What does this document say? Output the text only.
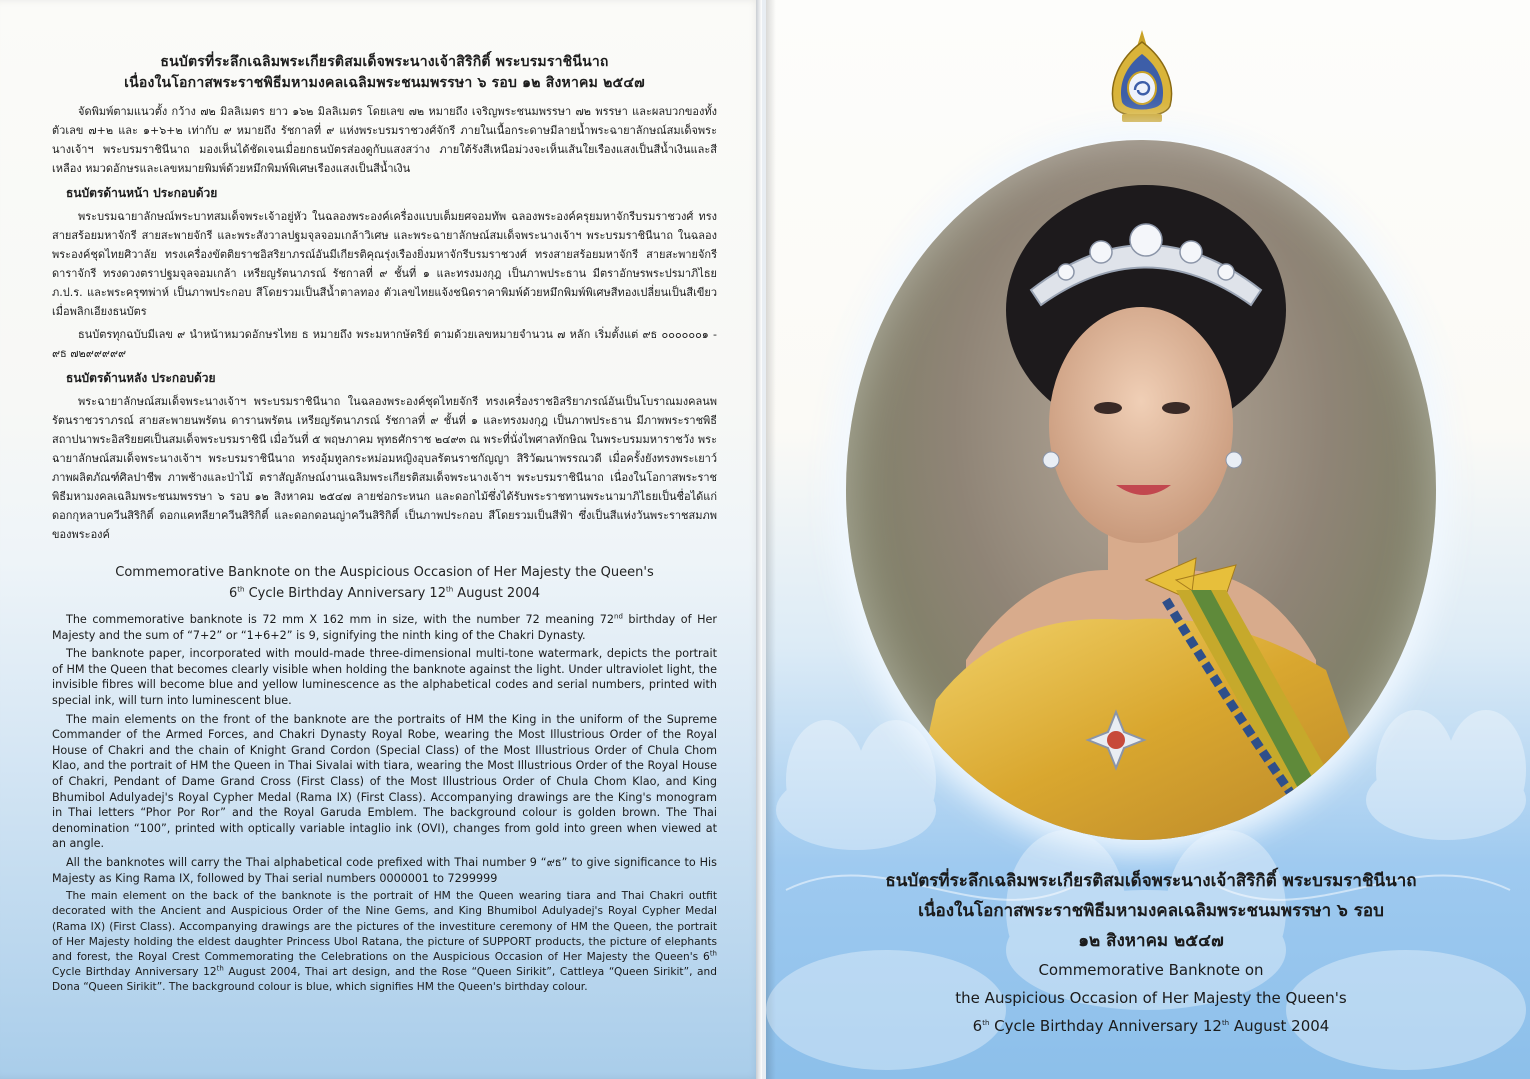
ธนบัตรที่ระลึกเฉลิมพระเกียรติสมเด็จพระนางเจ้าสิริกิติ์ พระบรมราชินีนาถ

เนื่องในโอกาสพระราชพิธีมหามงคลเฉลิมพระชนมพรรษา ๖ รอบ ๑๒ สิงหาคม ๒๕๔๗

จัดพิมพ์ตามแนวตั้ง กว้าง ๗๒ มิลลิเมตร ยาว ๑๖๒ มิลลิเมตร โดยเลข ๗๒ หมายถึง เจริญพระชนมพรรษา ๗๒ พรรษา และผลบวกของทั้งตัวเลข ๗+๒ และ ๑+๖+๒ เท่ากับ ๙ หมายถึง รัชกาลที่ ๙ แห่งพระบรมราชวงศ์จักรี ภายในเนื้อกระดาษมีลายน้ำพระฉายาลักษณ์สมเด็จพระนางเจ้าฯ พระบรมราชินีนาถ มองเห็นได้ชัดเจนเมื่อยกธนบัตรส่องดูกับแสงสว่าง ภายใต้รังสีเหนือม่วงจะเห็นเส้นใยเรืองแสงเป็นสีน้ำเงินและสีเหลือง หมวดอักษรและเลขหมายพิมพ์ด้วยหมึกพิมพ์พิเศษเรืองแสงเป็นสีน้ำเงิน

ธนบัตรด้านหน้า ประกอบด้วย

พระบรมฉายาลักษณ์พระบาทสมเด็จพระเจ้าอยู่หัว ในฉลองพระองค์เครื่องแบบเต็มยศจอมทัพ ฉลองพระองค์ครุยมหาจักรีบรมราชวงศ์ ทรงสายสร้อยมหาจักรี สายสะพายจักรี และพระสังวาลปฐมจุลจอมเกล้าวิเศษ และพระฉายาลักษณ์สมเด็จพระนางเจ้าฯ พระบรมราชินีนาถ ในฉลองพระองค์ชุดไทยศิวาลัย ทรงเครื่องขัตติยราชอิสริยาภรณ์อันมีเกียรติคุณรุ่งเรืองยิ่งมหาจักรีบรมราชวงศ์ ทรงสายสร้อยมหาจักรี สายสะพายจักรี ดาราจักรี ทรงดวงตราปฐมจุลจอมเกล้า เหรียญรัตนาภรณ์ รัชกาลที่ ๙ ชั้นที่ ๑ และทรงมงกุฎ เป็นภาพประธาน มีตราอักษรพระปรมาภิไธย ภ.ป.ร. และพระครุฑพ่าห์ เป็นภาพประกอบ สีโดยรวมเป็นสีน้ำตาลทอง ตัวเลขไทยแจ้งชนิดราคาพิมพ์ด้วยหมึกพิมพ์พิเศษสีทองเปลี่ยนเป็นสีเขียวเมื่อพลิกเอียงธนบัตร

ธนบัตรทุกฉบับมีเลข ๙ นำหน้าหมวดอักษรไทย ธ หมายถึง พระมหากษัตริย์ ตามด้วยเลขหมายจำนวน ๗ หลัก เริ่มตั้งแต่ ๙ธ ๐๐๐๐๐๐๑ - ๙ธ ๗๒๙๙๙๙๙

ธนบัตรด้านหลัง ประกอบด้วย

พระฉายาลักษณ์สมเด็จพระนางเจ้าฯ พระบรมราชินีนาถ ในฉลองพระองค์ชุดไทยจักรี ทรงเครื่องราชอิสริยาภรณ์อันเป็นโบราณมงคลนพรัตนราชวราภรณ์ สายสะพายนพรัตน ดารานพรัตน เหรียญรัตนาภรณ์ รัชกาลที่ ๙ ชั้นที่ ๑ และทรงมงกุฎ เป็นภาพประธาน มีภาพพระราชพิธีสถาปนาพระอิสริยยศเป็นสมเด็จพระบรมราชินี เมื่อวันที่ ๕ พฤษภาคม พุทธศักราช ๒๔๙๓ ณ พระที่นั่งไพศาลทักษิณ ในพระบรมมหาราชวัง พระฉายาลักษณ์สมเด็จพระนางเจ้าฯ พระบรมราชินีนาถ ทรงอุ้มทูลกระหม่อมหญิงอุบลรัตนราชกัญญา สิริวัฒนาพรรณวดี เมื่อครั้งยังทรงพระเยาว์ ภาพผลิตภัณฑ์ศิลปาชีพ ภาพช้างและป่าไม้ ตราสัญลักษณ์งานเฉลิมพระเกียรติสมเด็จพระนางเจ้าฯ พระบรมราชินีนาถ เนื่องในโอกาสพระราชพิธีมหามงคลเฉลิมพระชนมพรรษา ๖ รอบ ๑๒ สิงหาคม ๒๕๔๗ ลายช่อกระหนก และดอกไม้ซึ่งได้รับพระราชทานพระนามาภิไธยเป็นชื่อได้แก่ ดอกกุหลาบควีนสิริกิติ์ ดอกแคทลียาควีนสิริกิติ์ และดอกดอนญ่าควีนสิริกิติ์ เป็นภาพประกอบ สีโดยรวมเป็นสีฟ้า ซึ่งเป็นสีแห่งวันพระราชสมภพของพระองค์

Commemorative Banknote on the Auspicious Occasion of Her Majesty the Queen's
6th Cycle Birthday Anniversary 12th August 2004

The commemorative banknote is 72 mm X 162 mm in size, with the number 72 meaning 72nd birthday of Her Majesty and the sum of “7+2” or “1+6+2” is 9, signifying the ninth king of the Chakri Dynasty.

The banknote paper, incorporated with mould-made three-dimensional multi-tone watermark, depicts the portrait of HM the Queen that becomes clearly visible when holding the banknote against the light. Under ultraviolet light, the invisible fibres will become blue and yellow luminescence as the alphabetical codes and serial numbers, printed with special ink, will turn into luminescent blue.

The main elements on the front of the banknote are the portraits of HM the King in the uniform of the Supreme Commander of the Armed Forces, and Chakri Dynasty Royal Robe, wearing the Most Illustrious Order of the Royal House of Chakri and the chain of Knight Grand Cordon (Special Class) of the Most Illustrious Order of Chula Chom Klao, and the portrait of HM the Queen in Thai Sivalai with tiara, wearing the Most Illustrious Order of the Royal House of Chakri, Pendant of Dame Grand Cross (First Class) of the Most Illustrious Order of Chula Chom Klao, and King Bhumibol Adulyadej's Royal Cypher Medal (Rama IX) (First Class). Accompanying drawings are the King's monogram in Thai letters “Phor Por Ror” and the Royal Garuda Emblem. The background colour is golden brown. The Thai denomination “100”, printed with optically variable intaglio ink (OVI), changes from gold into green when viewed at an angle.

All the banknotes will carry the Thai alphabetical code prefixed with Thai number 9 “๙ธ” to give significance to His Majesty as King Rama IX, followed by Thai serial numbers 0000001 to 7299999

The main element on the back of the banknote is the portrait of HM the Queen wearing tiara and Thai Chakri outfit decorated with the Ancient and Auspicious Order of the Nine Gems, and King Bhumibol Adulyadej's Royal Cypher Medal (Rama IX) (First Class). Accompanying drawings are the pictures of the investiture ceremony of HM the Queen, the portrait of Her Majesty holding the eldest daughter Princess Ubol Ratana, the picture of SUPPORT products, the picture of elephants and forest, the Royal Crest Commemorating the Celebrations on the Auspicious Occasion of Her Majesty the Queen's 6th Cycle Birthday Anniversary 12th August 2004, Thai art design, and the Rose “Queen Sirikit”, Cattleya “Queen Sirikit”, and Dona “Queen Sirikit”. The background colour is blue, which signifies HM the Queen's birthday colour.

ธนบัตรที่ระลึกเฉลิมพระเกียรติสมเด็จพระนางเจ้าสิริกิติ์ พระบรมราชินีนาถ

เนื่องในโอกาสพระราชพิธีมหามงคลเฉลิมพระชนมพรรษา ๖ รอบ

๑๒ สิงหาคม ๒๕๔๗

Commemorative Banknote on

the Auspicious Occasion of Her Majesty the Queen's

6th Cycle Birthday Anniversary 12th August 2004
